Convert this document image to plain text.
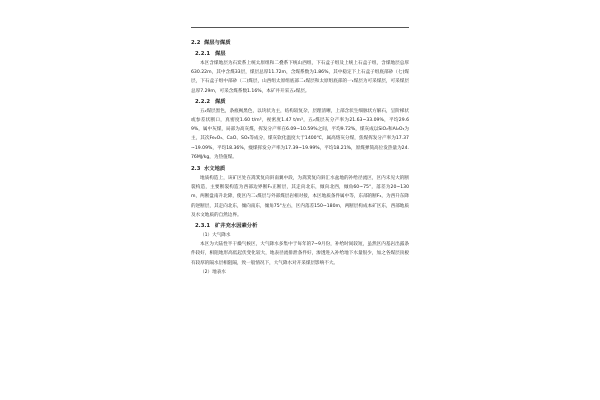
2.2 煤层与煤质
2.2.1 煤层

本区含煤地层为石炭系上统太原组和二叠系下统山西组，下石盒子组及上统上石盒子组，含煤地层总厚630.22m，其中含煤33层，煤层总厚11.72m，含煤系数为1.86%，其中稳定下上石盒子组底部砂（七)煤层，下石盒子组中部砂（二)煤层，山西组太原组底部二₁煤层和太原组底部的一₁煤层为可采煤层，可采煤层总厚7.29m，可采含煤系数1.16%，本矿井开采五₂煤层。

2.2.2 煤质

五₂煤层黑色，条痕褐黑色，以块状为主，结构较复杂，层理清晰，上部含状生细脉状方解石，呈阶梯状或参差状断口，真密度1.60 t/m³，视密度1.47 t/m³，五₂煤层灰分产率为21.63~33.09%，平均29.69%，属中灰煤，局部为高灰煤，挥发分产率在6.09~10.59%之间，平均9.72%，煤灰成以SiO₂和Al₂O₃为主，其次Fe₂O₃、CaO、SO₃等成分，煤灰软化温度大于1400℃，属高熔灰分煤，焦煤挥发分产率为17.37~19.09%，平均18.36%，瘦煤挥发分产率为17.39~19.99%，平均18.21%，原煤弹筒高位发热量为24.76MJ/kg，为热值煤。

2.3 水文地质

地质构造上，该矿区处在嵩箕复向斜南翼中段，为嵩箕复向斜汇水盆地的补给径流区，区内未见大的断裂构造，主要断裂构造为西部边界断F₁正断层，其走向北东，倾向北西，倾角60~75°，落差为20~130m，两断盘南升北降，使区内二₁煤层与外部煤层岩相对接，本区地质条件属中等，东部的断F₄，为西升东降的逆断层，其走向北东，倾向南东，倾角75°左右，区内落差150~180m，两断层构成本矿区东，西部地质及水文地质的自然边界。

2.3.1 矿井充水因素分析

（1）大气降水

本区为大陆性半干燥气候区，大气降水多集中于每年的7~9月份，补给时间较短，虽然区内基岩出露条件较好，相阻地形高低起伏变化较大，地表径流排泄条件好，渗透进入补给地下水量很少，加之各煤层顶板有较厚的隔水层相阻隔，致一般情况下，大气降水对开采煤层影响不大。

（2）地表水
